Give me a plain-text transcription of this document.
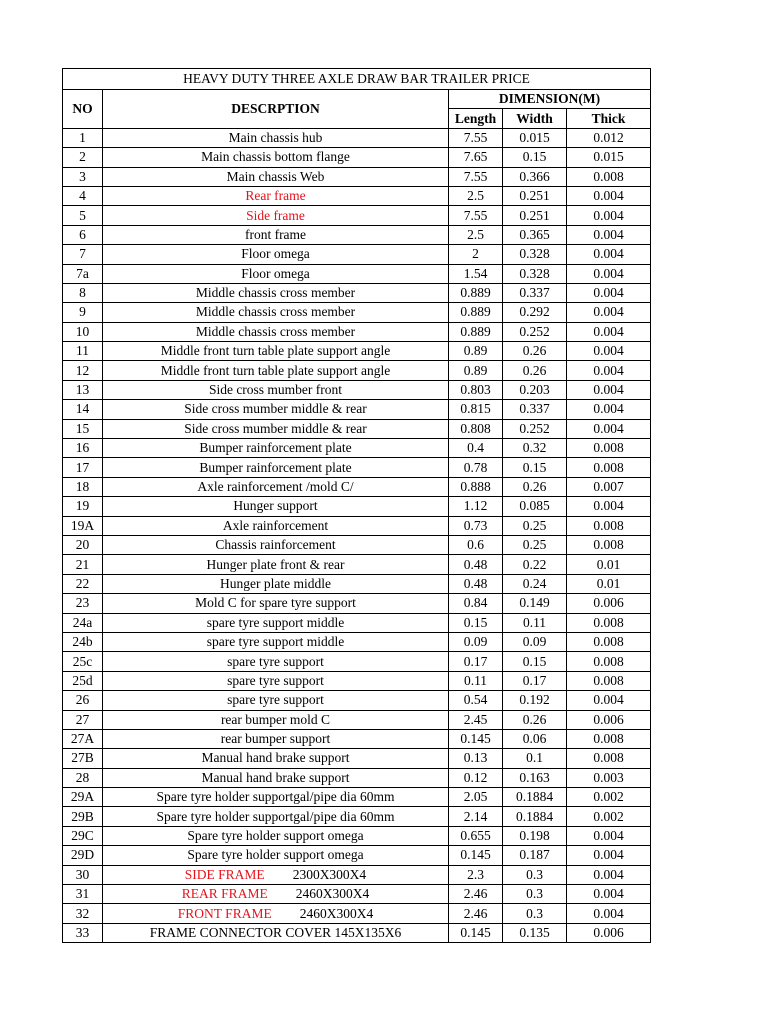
HEAVY DUTY THREE AXLE DRAW BAR TRAILER PRICE				
NO	DESCRPTION	DIMENSION(M)		
		Length	Width	Thick
1	Main chassis hub	7.55	0.015	0.012
2	Main chassis bottom flange	7.65	0.15	0.015
3	Main chassis Web	7.55	0.366	0.008
4	Rear frame	2.5	0.251	0.004
5	Side frame	7.55	0.251	0.004
6	front frame	2.5	0.365	0.004
7	Floor omega	2	0.328	0.004
7a	Floor omega	1.54	0.328	0.004
8	Middle chassis cross member	0.889	0.337	0.004
9	Middle chassis cross member	0.889	0.292	0.004
10	Middle chassis cross member	0.889	0.252	0.004
11	Middle front turn table plate support angle	0.89	0.26	0.004
12	Middle front turn table plate support angle	0.89	0.26	0.004
13	Side cross mumber front	0.803	0.203	0.004
14	Side cross mumber middle & rear	0.815	0.337	0.004
15	Side cross mumber middle & rear	0.808	0.252	0.004
16	Bumper rainforcement plate	0.4	0.32	0.008
17	Bumper rainforcement plate	0.78	0.15	0.008
18	Axle rainforcement /mold C/	0.888	0.26	0.007
19	Hunger support	1.12	0.085	0.004
19A	Axle rainforcement	0.73	0.25	0.008
20	Chassis rainforcement	0.6	0.25	0.008
21	Hunger plate front & rear	0.48	0.22	0.01
22	Hunger plate middle	0.48	0.24	0.01
23	Mold C for spare tyre support	0.84	0.149	0.006
24a	spare tyre support middle	0.15	0.11	0.008
24b	spare tyre support middle	0.09	0.09	0.008
25c	spare tyre support	0.17	0.15	0.008
25d	spare tyre support	0.11	0.17	0.008
26	spare tyre support	0.54	0.192	0.004
27	rear bumper mold C	2.45	0.26	0.006
27A	rear bumper support	0.145	0.06	0.008
27B	Manual hand brake support	0.13	0.1	0.008
28	Manual hand brake support	0.12	0.163	0.003
29A	Spare tyre holder supportgal/pipe dia 60mm	2.05	0.1884	0.002
29B	Spare tyre holder supportgal/pipe dia 60mm	2.14	0.1884	0.002
29C	Spare tyre holder support omega	0.655	0.198	0.004
29D	Spare tyre holder support omega	0.145	0.187	0.004
30	SIDE FRAME 2300X300X4	2.3	0.3	0.004
31	REAR FRAME 2460X300X4	2.46	0.3	0.004
32	FRONT FRAME 2460X300X4	2.46	0.3	0.004
33	FRAME CONNECTOR COVER 145X135X6	0.145	0.135	0.006
